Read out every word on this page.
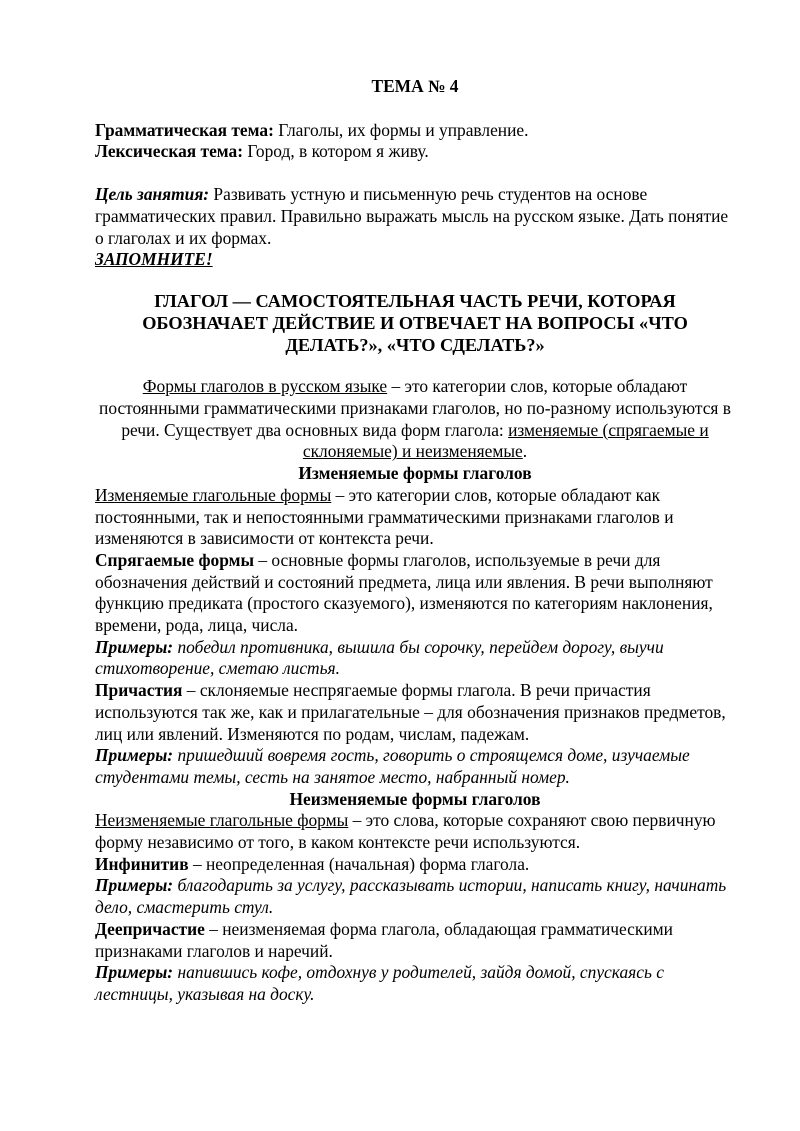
ТЕМА № 4

Грамматическая тема: Глаголы, их формы и управление.

Лексическая тема: Город, в котором я живу.

Цель занятия: Развивать устную и письменную речь студентов на основе грамматических правил. Правильно выражать мысль на русском языке. Дать понятие о глаголах и их формах.

ЗАПОМНИТЕ!

ГЛАГОЛ — САМОСТОЯТЕЛЬНАЯ ЧАСТЬ РЕЧИ, КОТОРАЯ ОБОЗНАЧАЕТ ДЕЙСТВИЕ И ОТВЕЧАЕТ НА ВОПРОСЫ «ЧТО ДЕЛАТЬ?», «ЧТО СДЕЛАТЬ?»

Формы глаголов в русском языке – это категории слов, которые обладают постоянными грамматическими признаками глаголов, но по-разному используются в речи. Существует два основных вида форм глагола: изменяемые (спрягаемые и склоняемые) и неизменяемые.

Изменяемые формы глаголов

Изменяемые глагольные формы – это категории слов, которые обладают как постоянными, так и непостоянными грамматическими признаками глаголов и изменяются в зависимости от контекста речи.

Спрягаемые формы – основные формы глаголов, используемые в речи для обозначения действий и состояний предмета, лица или явления. В речи выполняют функцию предиката (простого сказуемого), изменяются по категориям наклонения, времени, рода, лица, числа.

Примеры: победил противника, вышила бы сорочку, перейдем дорогу, выучи стихотворение, сметаю листья.

Причастия – склоняемые неспрягаемые формы глагола. В речи причастия используются так же, как и прилагательные – для обозначения признаков предметов, лиц или явлений. Изменяются по родам, числам, падежам.

Примеры: пришедший вовремя гость, говорить о строящемся доме, изучаемые студентами темы, сесть на занятое место, набранный номер.

Неизменяемые формы глаголов

Неизменяемые глагольные формы – это слова, которые сохраняют свою первичную форму независимо от того, в каком контексте речи используются.

Инфинитив – неопределенная (начальная) форма глагола.

Примеры: благодарить за услугу, рассказывать истории, написать книгу, начинать дело, смастерить стул.

Деепричастие – неизменяемая форма глагола, обладающая грамматическими признаками глаголов и наречий.

Примеры: напившись кофе, отдохнув у родителей, зайдя домой, спускаясь с лестницы, указывая на доску.
